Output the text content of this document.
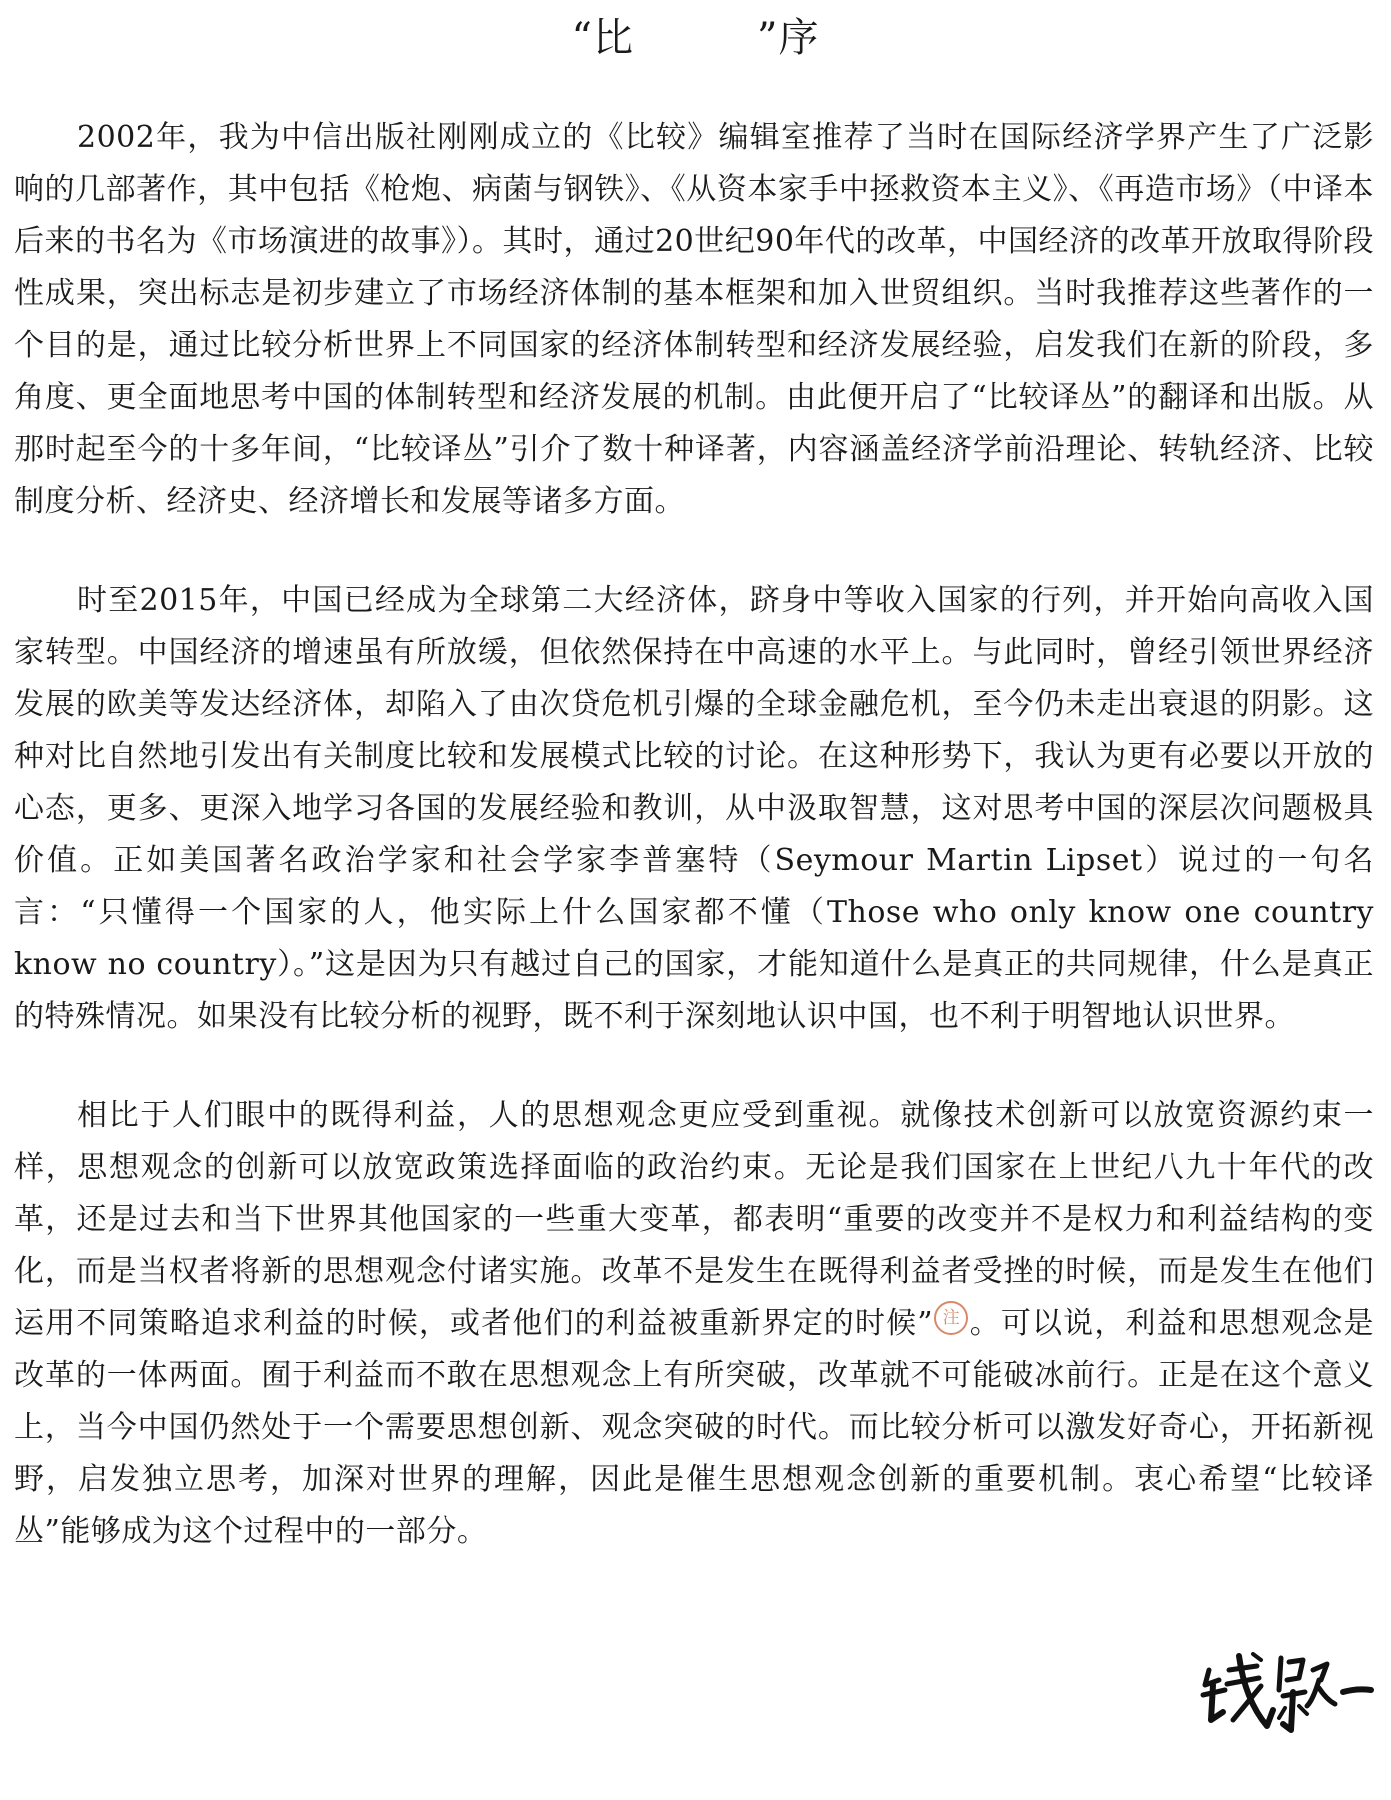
“比　　　”序

2002年，我为中信出版社刚刚成立的《比较》编辑室推荐了当时在国际经济学界产生了广泛影响的几部著作，其中包括《枪炮、病菌与钢铁》、《从资本家手中拯救资本主义》、《再造市场》（中译本后来的书名为《市场演进的故事》）。其时，通过20世纪90年代的改革，中国经济的改革开放取得阶段性成果，突出标志是初步建立了市场经济体制的基本框架和加入世贸组织。当时我推荐这些著作的一个目的是，通过比较分析世界上不同国家的经济体制转型和经济发展经验，启发我们在新的阶段，多角度、更全面地思考中国的体制转型和经济发展的机制。由此便开启了“比较译丛”的翻译和出版。从那时起至今的十多年间，“比较译丛”引介了数十种译著，内容涵盖经济学前沿理论、转轨经济、比较制度分析、经济史、经济增长和发展等诸多方面。

时至2015年，中国已经成为全球第二大经济体，跻身中等收入国家的行列，并开始向高收入国家转型。中国经济的增速虽有所放缓，但依然保持在中高速的水平上。与此同时，曾经引领世界经济发展的欧美等发达经济体，却陷入了由次贷危机引爆的全球金融危机，至今仍未走出衰退的阴影。这种对比自然地引发出有关制度比较和发展模式比较的讨论。在这种形势下，我认为更有必要以开放的心态，更多、更深入地学习各国的发展经验和教训，从中汲取智慧，这对思考中国的深层次问题极具价值。正如美国著名政治学家和社会学家李普塞特（Seymour Martin Lipset）说过的一句名言：“只懂得一个国家的人，他实际上什么国家都不懂（Those who only know one country know no country）。”这是因为只有越过自己的国家，才能知道什么是真正的共同规律，什么是真正的特殊情况。如果没有比较分析的视野，既不利于深刻地认识中国，也不利于明智地认识世界。

相比于人们眼中的既得利益，人的思想观念更应受到重视。就像技术创新可以放宽资源约束一样，思想观念的创新可以放宽政策选择面临的政治约束。无论是我们国家在上世纪八九十年代的改革，还是过去和当下世界其他国家的一些重大变革，都表明“重要的改变并不是权力和利益结构的变化，而是当权者将新的思想观念付诸实施。改革不是发生在既得利益者受挫的时候，而是发生在他们运用不同策略追求利益的时候，或者他们的利益被重新界定的时候” 注 。可以说，利益和思想观念是改革的一体两面。囿于利益而不敢在思想观念上有所突破，改革就不可能破冰前行。正是在这个意义上，当今中国仍然处于一个需要思想创新、观念突破的时代。而比较分析可以激发好奇心，开拓新视野，启发独立思考，加深对世界的理解，因此是催生思想观念创新的重要机制。衷心希望“比较译丛”能够成为这个过程中的一部分。
